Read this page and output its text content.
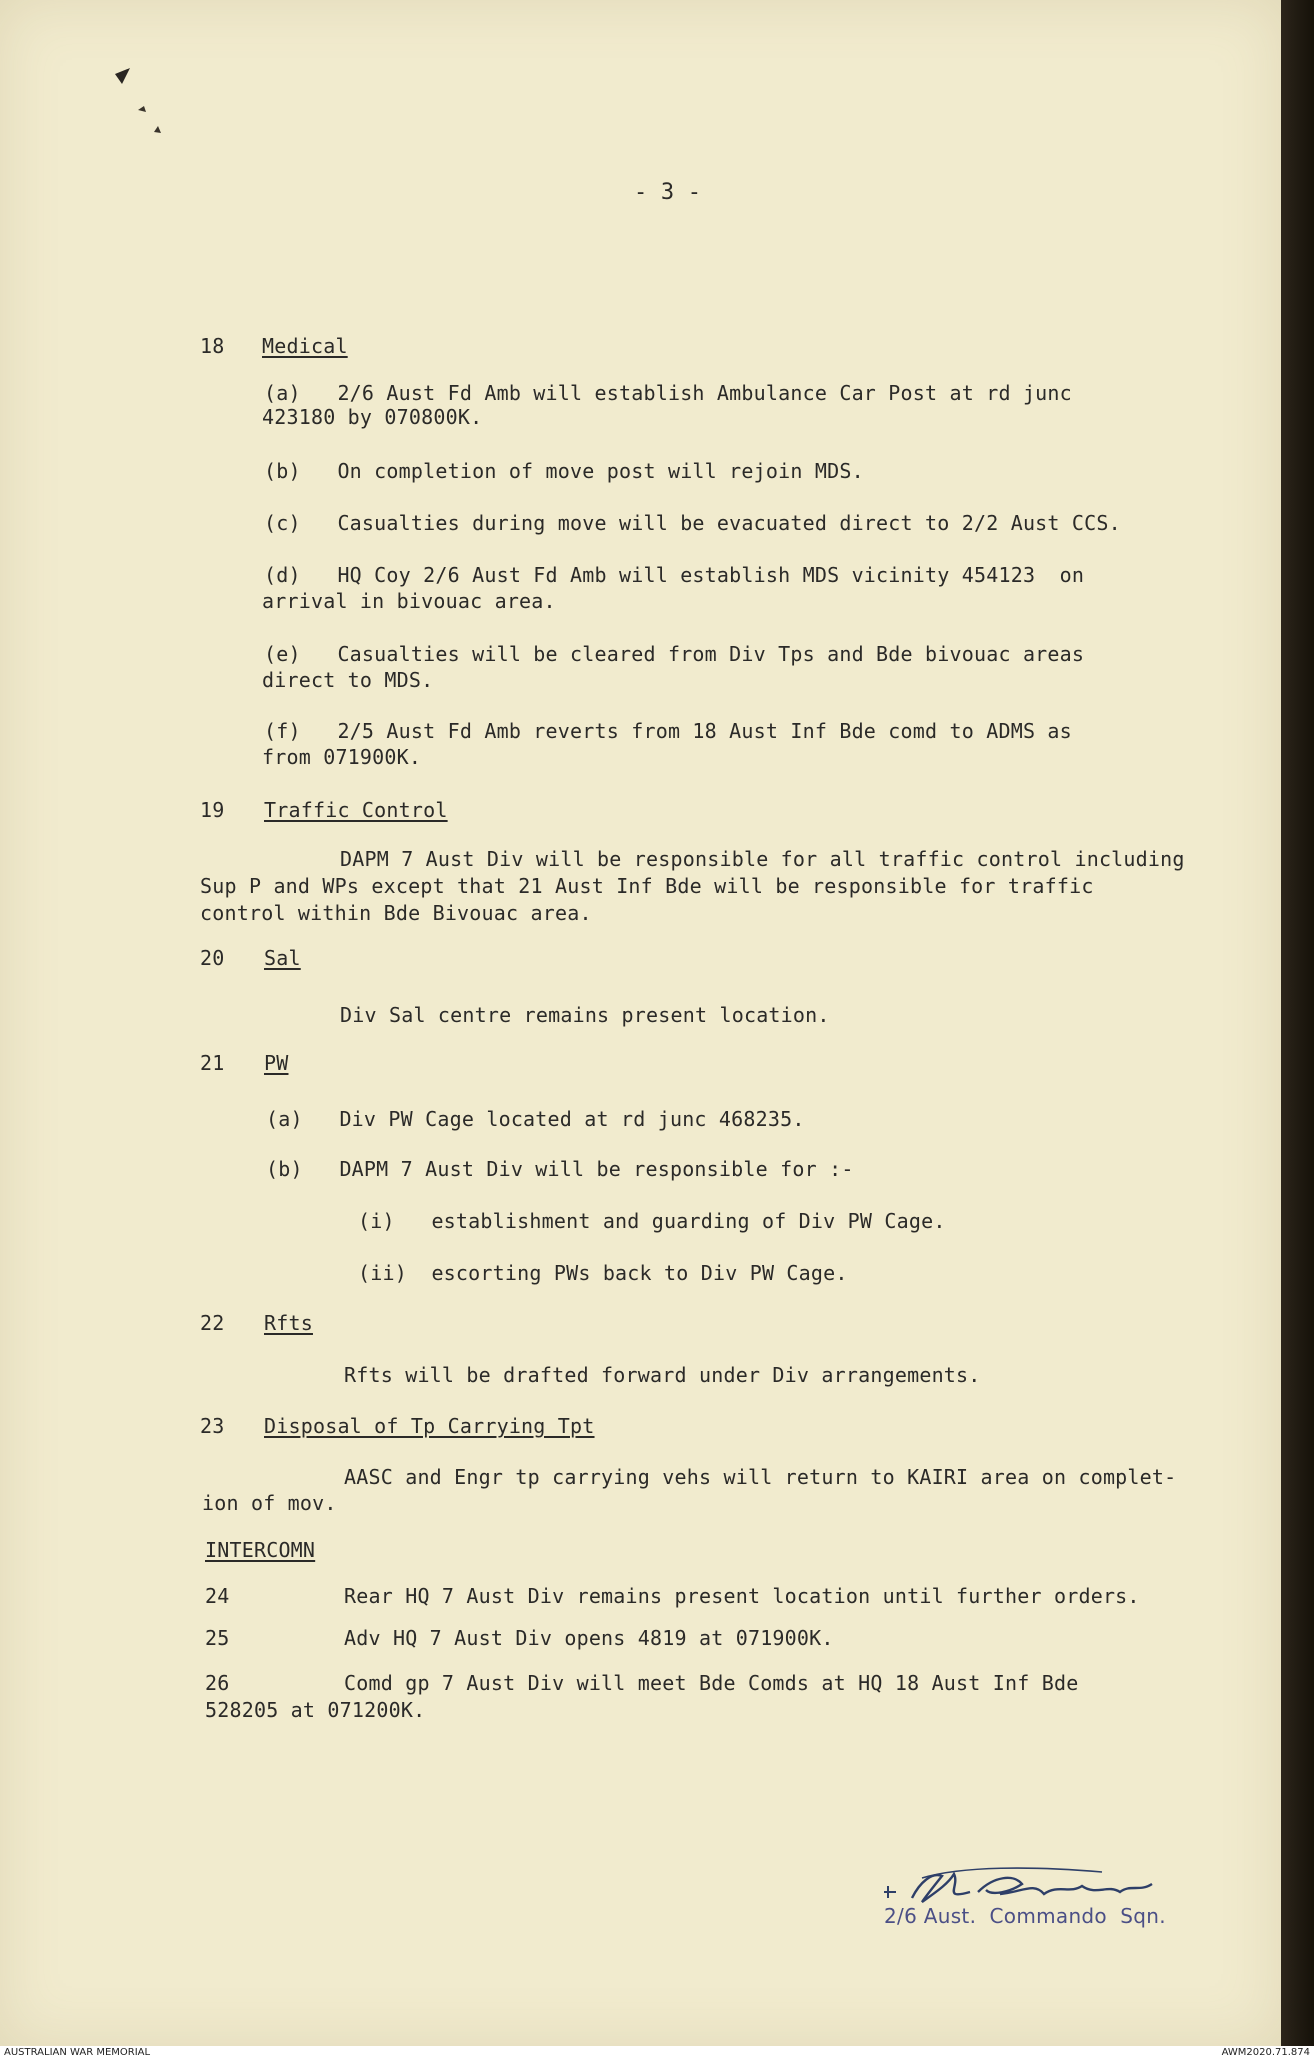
- 3 -
18 Medical
(a)   2/6 Aust Fd Amb will establish Ambulance Car Post at rd junc
423180 by 070800K.
(b)   On completion of move post will rejoin MDS.
(c)   Casualties during move will be evacuated direct to 2/2 Aust CCS.
(d)   HQ Coy 2/6 Aust Fd Amb will establish MDS vicinity 454123  on
arrival in bivouac area.
(e)   Casualties will be cleared from Div Tps and Bde bivouac areas
direct to MDS.
(f)   2/5 Aust Fd Amb reverts from 18 Aust Inf Bde comd to ADMS as
from 071900K.
19 Traffic Control
DAPM 7 Aust Div will be responsible for all traffic control including
Sup P and WPs except that 21 Aust Inf Bde will be responsible for traffic
control within Bde Bivouac area.
20 Sal
Div Sal centre remains present location.
21 PW
(a)   Div PW Cage located at rd junc 468235.
(b)   DAPM 7 Aust Div will be responsible for :-
(i)   establishment and guarding of Div PW Cage.
(ii)  escorting PWs back to Div PW Cage.
22 Rfts
Rfts will be drafted forward under Div arrangements.
23 Disposal of Tp Carrying Tpt
AASC and Engr tp carrying vehs will return to KAIRI area on complet-
ion of mov.
INTERCOMN
24	Rear HQ 7 Aust Div remains present location until further orders.
25	Adv HQ 7 Aust Div opens 4819 at 071900K.
26	Comd gp 7 Aust Div will meet Bde Comds at HQ 18 Aust Inf Bde
528205 at 071200K.
2/6 Aust.  Commando  Sqn.
AUSTRALIAN WAR MEMORIAL	AWM2020.71.874
